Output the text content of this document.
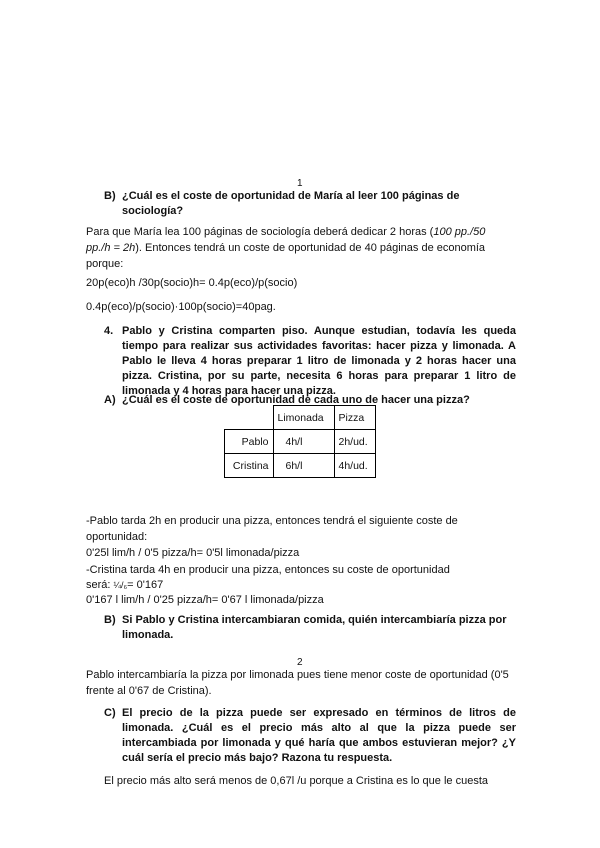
1
B) ¿Cuál es el coste de oportunidad de María al leer 100 páginas de
sociología?
Para que María lea 100 páginas de sociología deberá dedicar 2 horas (100 pp./50
pp./h = 2h). Entonces tendrá un coste de oportunidad de 40 páginas de economía
porque:
20p(eco)h /30p(socio)h= 0.4p(eco)/p(socio)
0.4p(eco)/p(socio)·100p(socio)=40pag.
4. Pablo y Cristina comparten piso. Aunque estudian, todavía les queda
tiempo para realizar sus actividades favoritas: hacer pizza y limonada. A
Pablo le lleva 4 horas preparar 1 litro de limonada y 2 horas hacer una
pizza. Cristina, por su parte, necesita 6 horas para preparar 1 litro de
limonada y 4 horas para hacer una pizza.
A) ¿Cuál es el coste de oportunidad de cada uno de hacer una pizza?
	Limonada	Pizza
Pablo	4h/l	2h/ud.
Cristina	6h/l	4h/ud.
-Pablo tarda 2h en producir una pizza, entonces tendrá el siguiente coste de
oportunidad:
0'25l lim/h / 0'5 pizza/h= 0'5l limonada/pizza
-Cristina tarda 4h en producir una pizza, entonces su coste de oportunidad
será: ¼/₆= 0'167
0'167 l lim/h / 0'25 pizza/h= 0'67 l limonada/pizza
B) Si Pablo y Cristina intercambiaran comida, quién intercambiaría pizza por
limonada.
2
Pablo intercambiaría la pizza por limonada pues tiene menor coste de oportunidad (0'5
frente al 0'67 de Cristina).
C) El precio de la pizza puede ser expresado en términos de litros de
limonada. ¿Cuál es el precio más alto al que la pizza puede ser
intercambiada por limonada y qué haría que ambos estuvieran mejor? ¿Y
cuál sería el precio más bajo? Razona tu respuesta.
El precio más alto será menos de 0,67l /u porque a Cristina es lo que le cuesta
